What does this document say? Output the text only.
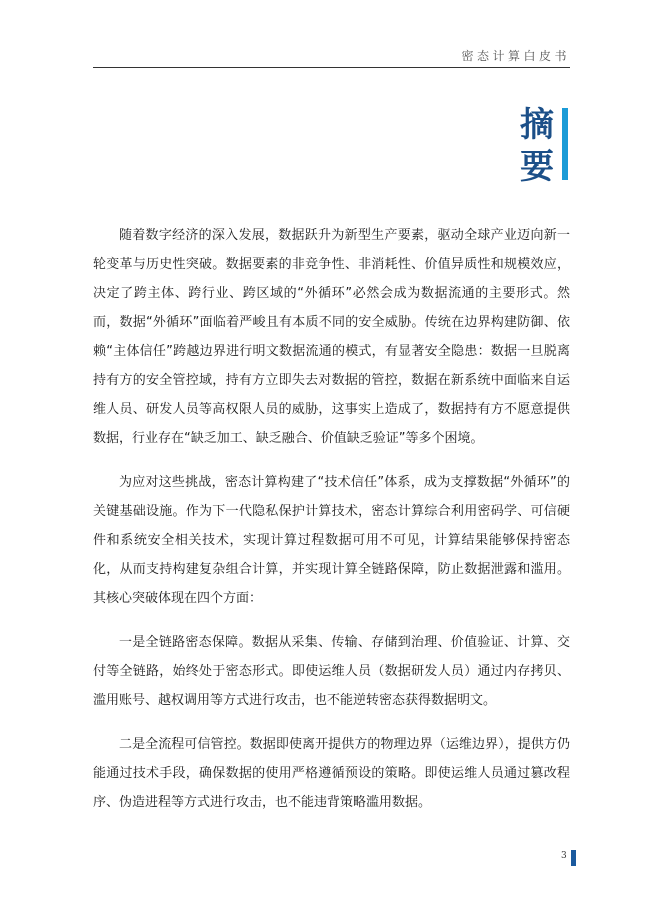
密态计算白皮书
摘
要

随着数字经济的深入发展，数据跃升为新型生产要素，驱动全球产业迈向新一轮变革与历史性突破。数据要素的非竞争性、非消耗性、价值异质性和规模效应，决定了跨主体、跨行业、跨区域的“外循环”必然会成为数据流通的主要形式。然而，数据“外循环”面临着严峻且有本质不同的安全威胁。传统在边界构建防御、依赖“主体信任”跨越边界进行明文数据流通的模式，有显著安全隐患：数据一旦脱离持有方的安全管控域，持有方立即失去对数据的管控，数据在新系统中面临来自运维人员、研发人员等高权限人员的威胁，这事实上造成了，数据持有方不愿意提供数据，行业存在“缺乏加工、缺乏融合、价值缺乏验证”等多个困境。

为应对这些挑战，密态计算构建了“技术信任”体系，成为支撑数据“外循环”的关键基础设施。作为下一代隐私保护计算技术，密态计算综合利用密码学、可信硬件和系统安全相关技术，实现计算过程数据可用不可见，计算结果能够保持密态化，从而支持构建复杂组合计算，并实现计算全链路保障，防止数据泄露和滥用。其核心突破体现在四个方面：

一是全链路密态保障。数据从采集、传输、存储到治理、价值验证、计算、交付等全链路，始终处于密态形式。即使运维人员（数据研发人员）通过内存拷贝、滥用账号、越权调用等方式进行攻击，也不能逆转密态获得数据明文。

二是全流程可信管控。数据即使离开提供方的物理边界（运维边界），提供方仍能通过技术手段，确保数据的使用严格遵循预设的策略。即使运维人员通过篡改程序、伪造进程等方式进行攻击，也不能违背策略滥用数据。

3
